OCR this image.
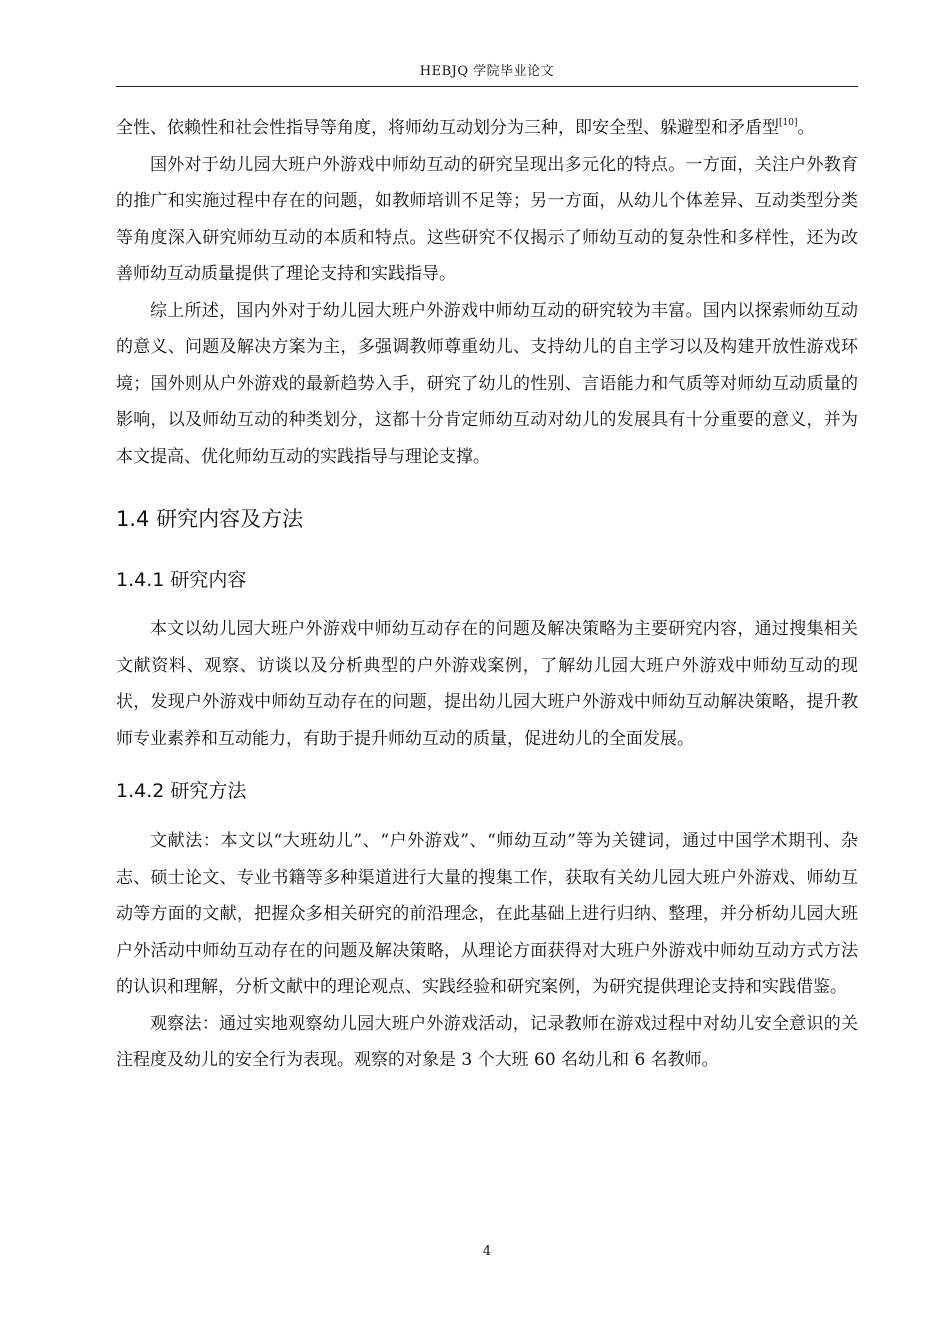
HEBJQ 学院毕业论文

全性、依赖性和社会性指导等角度，将师幼互动划分为三种，即安全型、躲避型和矛盾型[10]。

国外对于幼儿园大班户外游戏中师幼互动的研究呈现出多元化的特点。一方面，关注户外教育的推广和实施过程中存在的问题，如教师培训不足等；另一方面，从幼儿个体差异、互动类型分类等角度深入研究师幼互动的本质和特点。这些研究不仅揭示了师幼互动的复杂性和多样性，还为改善师幼互动质量提供了理论支持和实践指导。

综上所述，国内外对于幼儿园大班户外游戏中师幼互动的研究较为丰富。国内以探索师幼互动的意义、问题及解决方案为主，多强调教师尊重幼儿、支持幼儿的自主学习以及构建开放性游戏环境；国外则从户外游戏的最新趋势入手，研究了幼儿的性别、言语能力和气质等对师幼互动质量的影响，以及师幼互动的种类划分，这都十分肯定师幼互动对幼儿的发展具有十分重要的意义，并为本文提高、优化师幼互动的实践指导与理论支撑。

1.4 研究内容及方法
1.4.1 研究内容

本文以幼儿园大班户外游戏中师幼互动存在的问题及解决策略为主要研究内容，通过搜集相关文献资料、观察、访谈以及分析典型的户外游戏案例，了解幼儿园大班户外游戏中师幼互动的现状，发现户外游戏中师幼互动存在的问题，提出幼儿园大班户外游戏中师幼互动解决策略，提升教师专业素养和互动能力，有助于提升师幼互动的质量，促进幼儿的全面发展。

1.4.2 研究方法

文献法：本文以“大班幼儿”、“户外游戏”、“师幼互动”等为关键词，通过中国学术期刊、杂志、硕士论文、专业书籍等多种渠道进行大量的搜集工作，获取有关幼儿园大班户外游戏、师幼互动等方面的文献，把握众多相关研究的前沿理念，在此基础上进行归纳、整理，并分析幼儿园大班户外活动中师幼互动存在的问题及解决策略，从理论方面获得对大班户外游戏中师幼互动方式方法的认识和理解，分析文献中的理论观点、实践经验和研究案例，为研究提供理论支持和实践借鉴。

观察法：通过实地观察幼儿园大班户外游戏活动，记录教师在游戏过程中对幼儿安全意识的关注程度及幼儿的安全行为表现。观察的对象是 3 个大班 60 名幼儿和 6 名教师。

4
